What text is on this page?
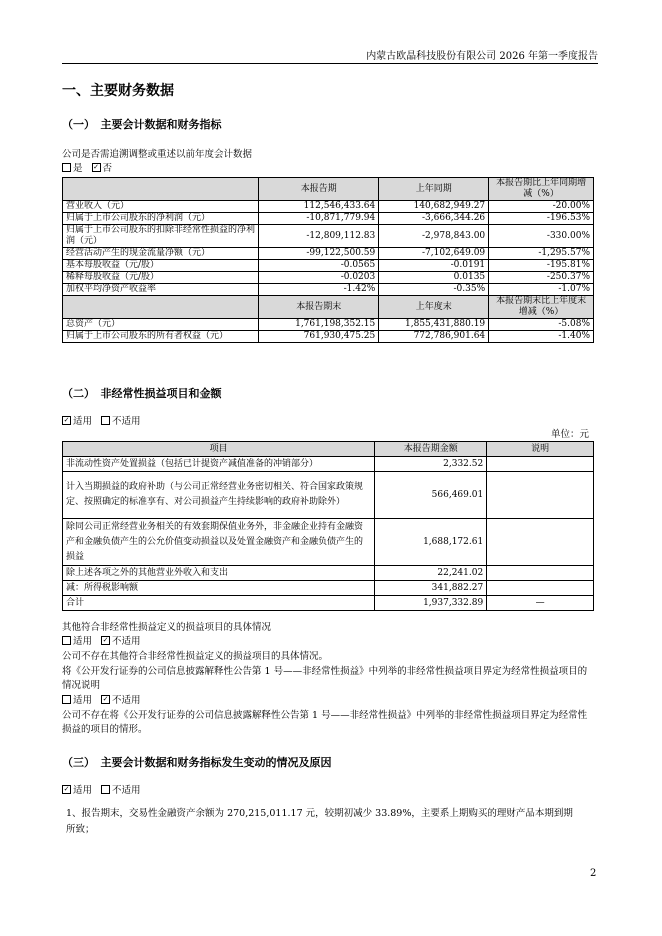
内蒙古欧晶科技股份有限公司 2026 年第一季度报告
一、主要财务数据
（一）　主要会计数据和财务指标
公司是否需追溯调整或重述以前年度会计数据
是 ✓ 否
	本报告期	上年同期	本报告期比上年同期增减（%）
营业收入（元）	112,546,433.64	140,682,949.27	-20.00%
归属于上市公司股东的净利润（元）	-10,871,779.94	-3,666,344.26	-196.53%
归属于上市公司股东的扣除非经常性损益的净利润（元）	-12,809,112.83	-2,978,843.00	-330.00%
经营活动产生的现金流量净额（元）	-99,122,500.59	-7,102,649.09	-1,295.57%
基本每股收益（元/股）	-0.0565	-0.0191	-195.81%
稀释每股收益（元/股）	-0.0203	0.0135	-250.37%
加权平均净资产收益率	-1.42%	-0.35%	-1.07%
	本报告期末	上年度末	本报告期末比上年度末增减（%）
总资产（元）	1,761,198,352.15	1,855,431,880.19	-5.08%
归属于上市公司股东的所有者权益（元）	761,930,475.25	772,786,901.64	-1.40%
（二）　非经常性损益项目和金额
✓适用 不适用
单位：元
项目	本报告期金额	说明
非流动性资产处置损益（包括已计提资产减值准备的冲销部分）	2,332.52	
计入当期损益的政府补助（与公司正常经营业务密切相关、符合国家政策规定、按照确定的标准享有、对公司损益产生持续影响的政府补助除外）	566,469.01	
除同公司正常经营业务相关的有效套期保值业务外，非金融企业持有金融资产和金融负债产生的公允价值变动损益以及处置金融资产和金融负债产生的损益	1,688,172.61	
除上述各项之外的其他营业外收入和支出	22,241.02	
减：所得税影响额	341,882.27	
合计	1,937,332.89	—
其他符合非经常性损益定义的损益项目的具体情况
适用 ✓ 不适用
公司不存在其他符合非经常性损益定义的损益项目的具体情况。
将《公开发行证券的公司信息披露解释性公告第 1 号——非经常性损益》中列举的非经常性损益项目界定为经常性损益项目的情况说明
适用 ✓ 不适用
公司不存在将《公开发行证券的公司信息披露解释性公告第 1 号——非经常性损益》中列举的非经常性损益项目界定为经常性损益的项目的情形。
（三）　主要会计数据和财务指标发生变动的情况及原因
✓适用 不适用
1、报告期末，交易性金融资产余额为 270,215,011.17 元，较期初减少 33.89%，主要系上期购买的理财产品本期到期所致；
2
